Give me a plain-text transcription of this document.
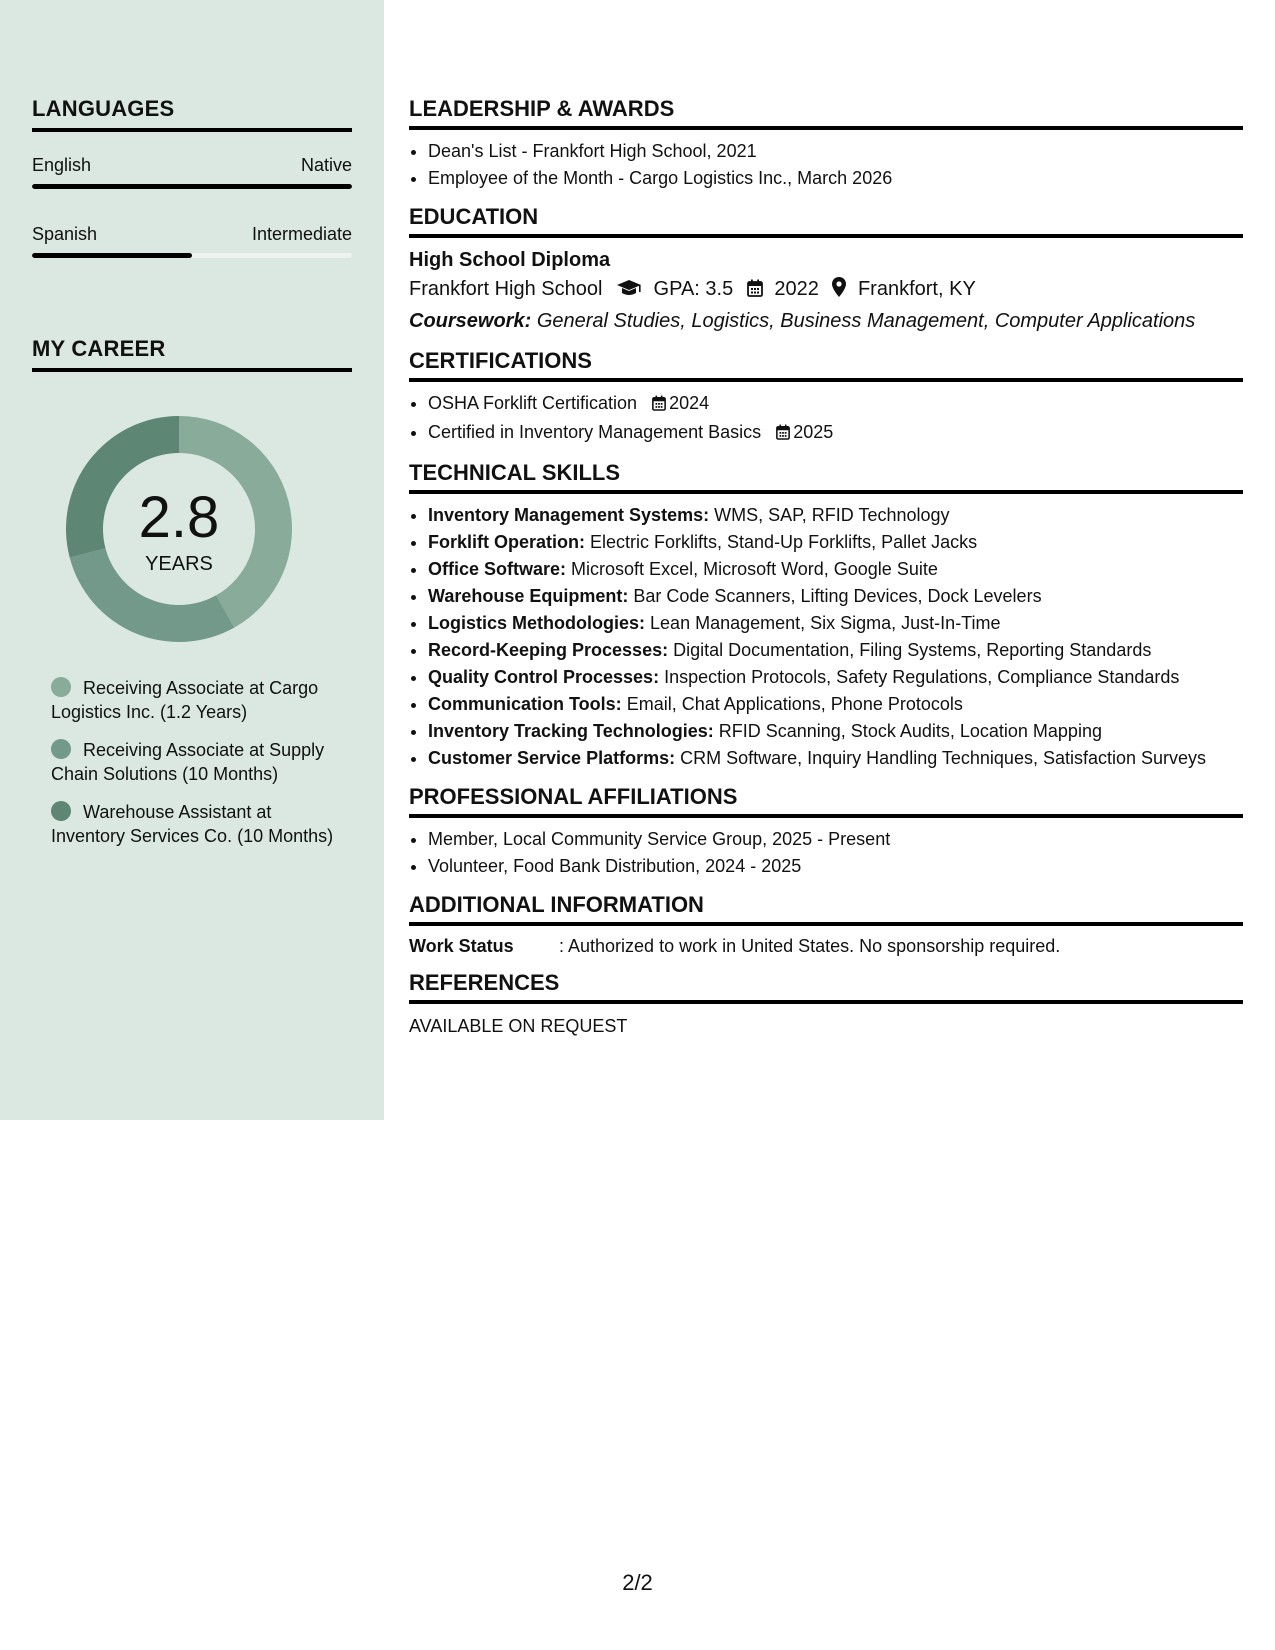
LANGUAGES
English	Native
Spanish	Intermediate
MY CAREER
2.8
YEARS
Receiving Associate at Cargo Logistics Inc. (1.2 Years)
Receiving Associate at Supply Chain Solutions (10 Months)
Warehouse Assistant at Inventory Services Co. (10 Months)
LEADERSHIP & AWARDS
• Dean's List - Frankfort High School, 2021
• Employee of the Month - Cargo Logistics Inc., March 2026
EDUCATION
High School Diploma
Frankfort High School	GPA: 3.5 2022 Frankfort, KY
Coursework: General Studies, Logistics, Business Management, Computer Applications
CERTIFICATIONS
• OSHA Forklift Certification 2024
• Certified in Inventory Management Basics 2025
TECHNICAL SKILLS
• Inventory Management Systems: WMS, SAP, RFID Technology
• Forklift Operation: Electric Forklifts, Stand-Up Forklifts, Pallet Jacks
• Office Software: Microsoft Excel, Microsoft Word, Google Suite
• Warehouse Equipment: Bar Code Scanners, Lifting Devices, Dock Levelers
• Logistics Methodologies: Lean Management, Six Sigma, Just-In-Time
• Record-Keeping Processes: Digital Documentation, Filing Systems, Reporting Standards
• Quality Control Processes: Inspection Protocols, Safety Regulations, Compliance Standards
• Communication Tools: Email, Chat Applications, Phone Protocols
• Inventory Tracking Technologies: RFID Scanning, Stock Audits, Location Mapping
• Customer Service Platforms: CRM Software, Inquiry Handling Techniques, Satisfaction Surveys
PROFESSIONAL AFFILIATIONS
• Member, Local Community Service Group, 2025 - Present
• Volunteer, Food Bank Distribution, 2024 - 2025
ADDITIONAL INFORMATION
Work Status	: Authorized to work in United States. No sponsorship required.
REFERENCES
AVAILABLE ON REQUEST
2/2
